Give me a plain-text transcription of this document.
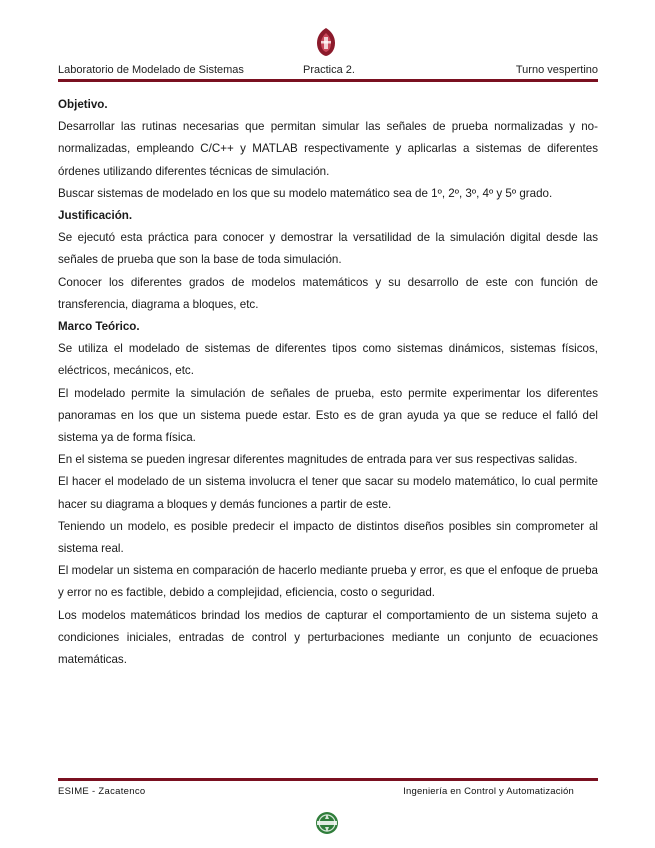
Laboratorio de Modelado de Sistemas	Practica 2.	Turno vespertino
Objetivo.

Desarrollar las rutinas necesarias que permitan simular las señales de prueba normalizadas y no-normalizadas, empleando C/C++ y MATLAB respectivamente y aplicarlas a sistemas de diferentes órdenes utilizando diferentes técnicas de simulación.

Buscar sistemas de modelado en los que su modelo matemático sea de 1º, 2º, 3º, 4º y 5º grado.

Justificación.

Se ejecutó esta práctica para conocer y demostrar la versatilidad de la simulación digital desde las señales de prueba que son la base de toda simulación.

Conocer los diferentes grados de modelos matemáticos y su desarrollo de este con función de transferencia, diagrama a bloques, etc.

Marco Teórico.

Se utiliza el modelado de sistemas de diferentes tipos como sistemas dinámicos, sistemas físicos, eléctricos, mecánicos, etc.

El modelado permite la simulación de señales de prueba, esto permite experimentar los diferentes panoramas en los que un sistema puede estar. Esto es de gran ayuda ya que se reduce el falló del sistema ya de forma física.

En el sistema se pueden ingresar diferentes magnitudes de entrada para ver sus respectivas salidas.

El hacer el modelado de un sistema involucra el tener que sacar su modelo matemático, lo cual permite hacer su diagrama a bloques y demás funciones a partir de este.

Teniendo un modelo, es posible predecir el impacto de distintos diseños posibles sin comprometer al sistema real.

El modelar un sistema en comparación de hacerlo mediante prueba y error, es que el enfoque de prueba y error no es factible, debido a complejidad, eficiencia, costo o seguridad.

Los modelos matemáticos brindad los medios de capturar el comportamiento de un sistema sujeto a condiciones iniciales, entradas de control y perturbaciones mediante un conjunto de ecuaciones matemáticas.

ESIME - Zacatenco	Ingeniería en Control y Automatización
